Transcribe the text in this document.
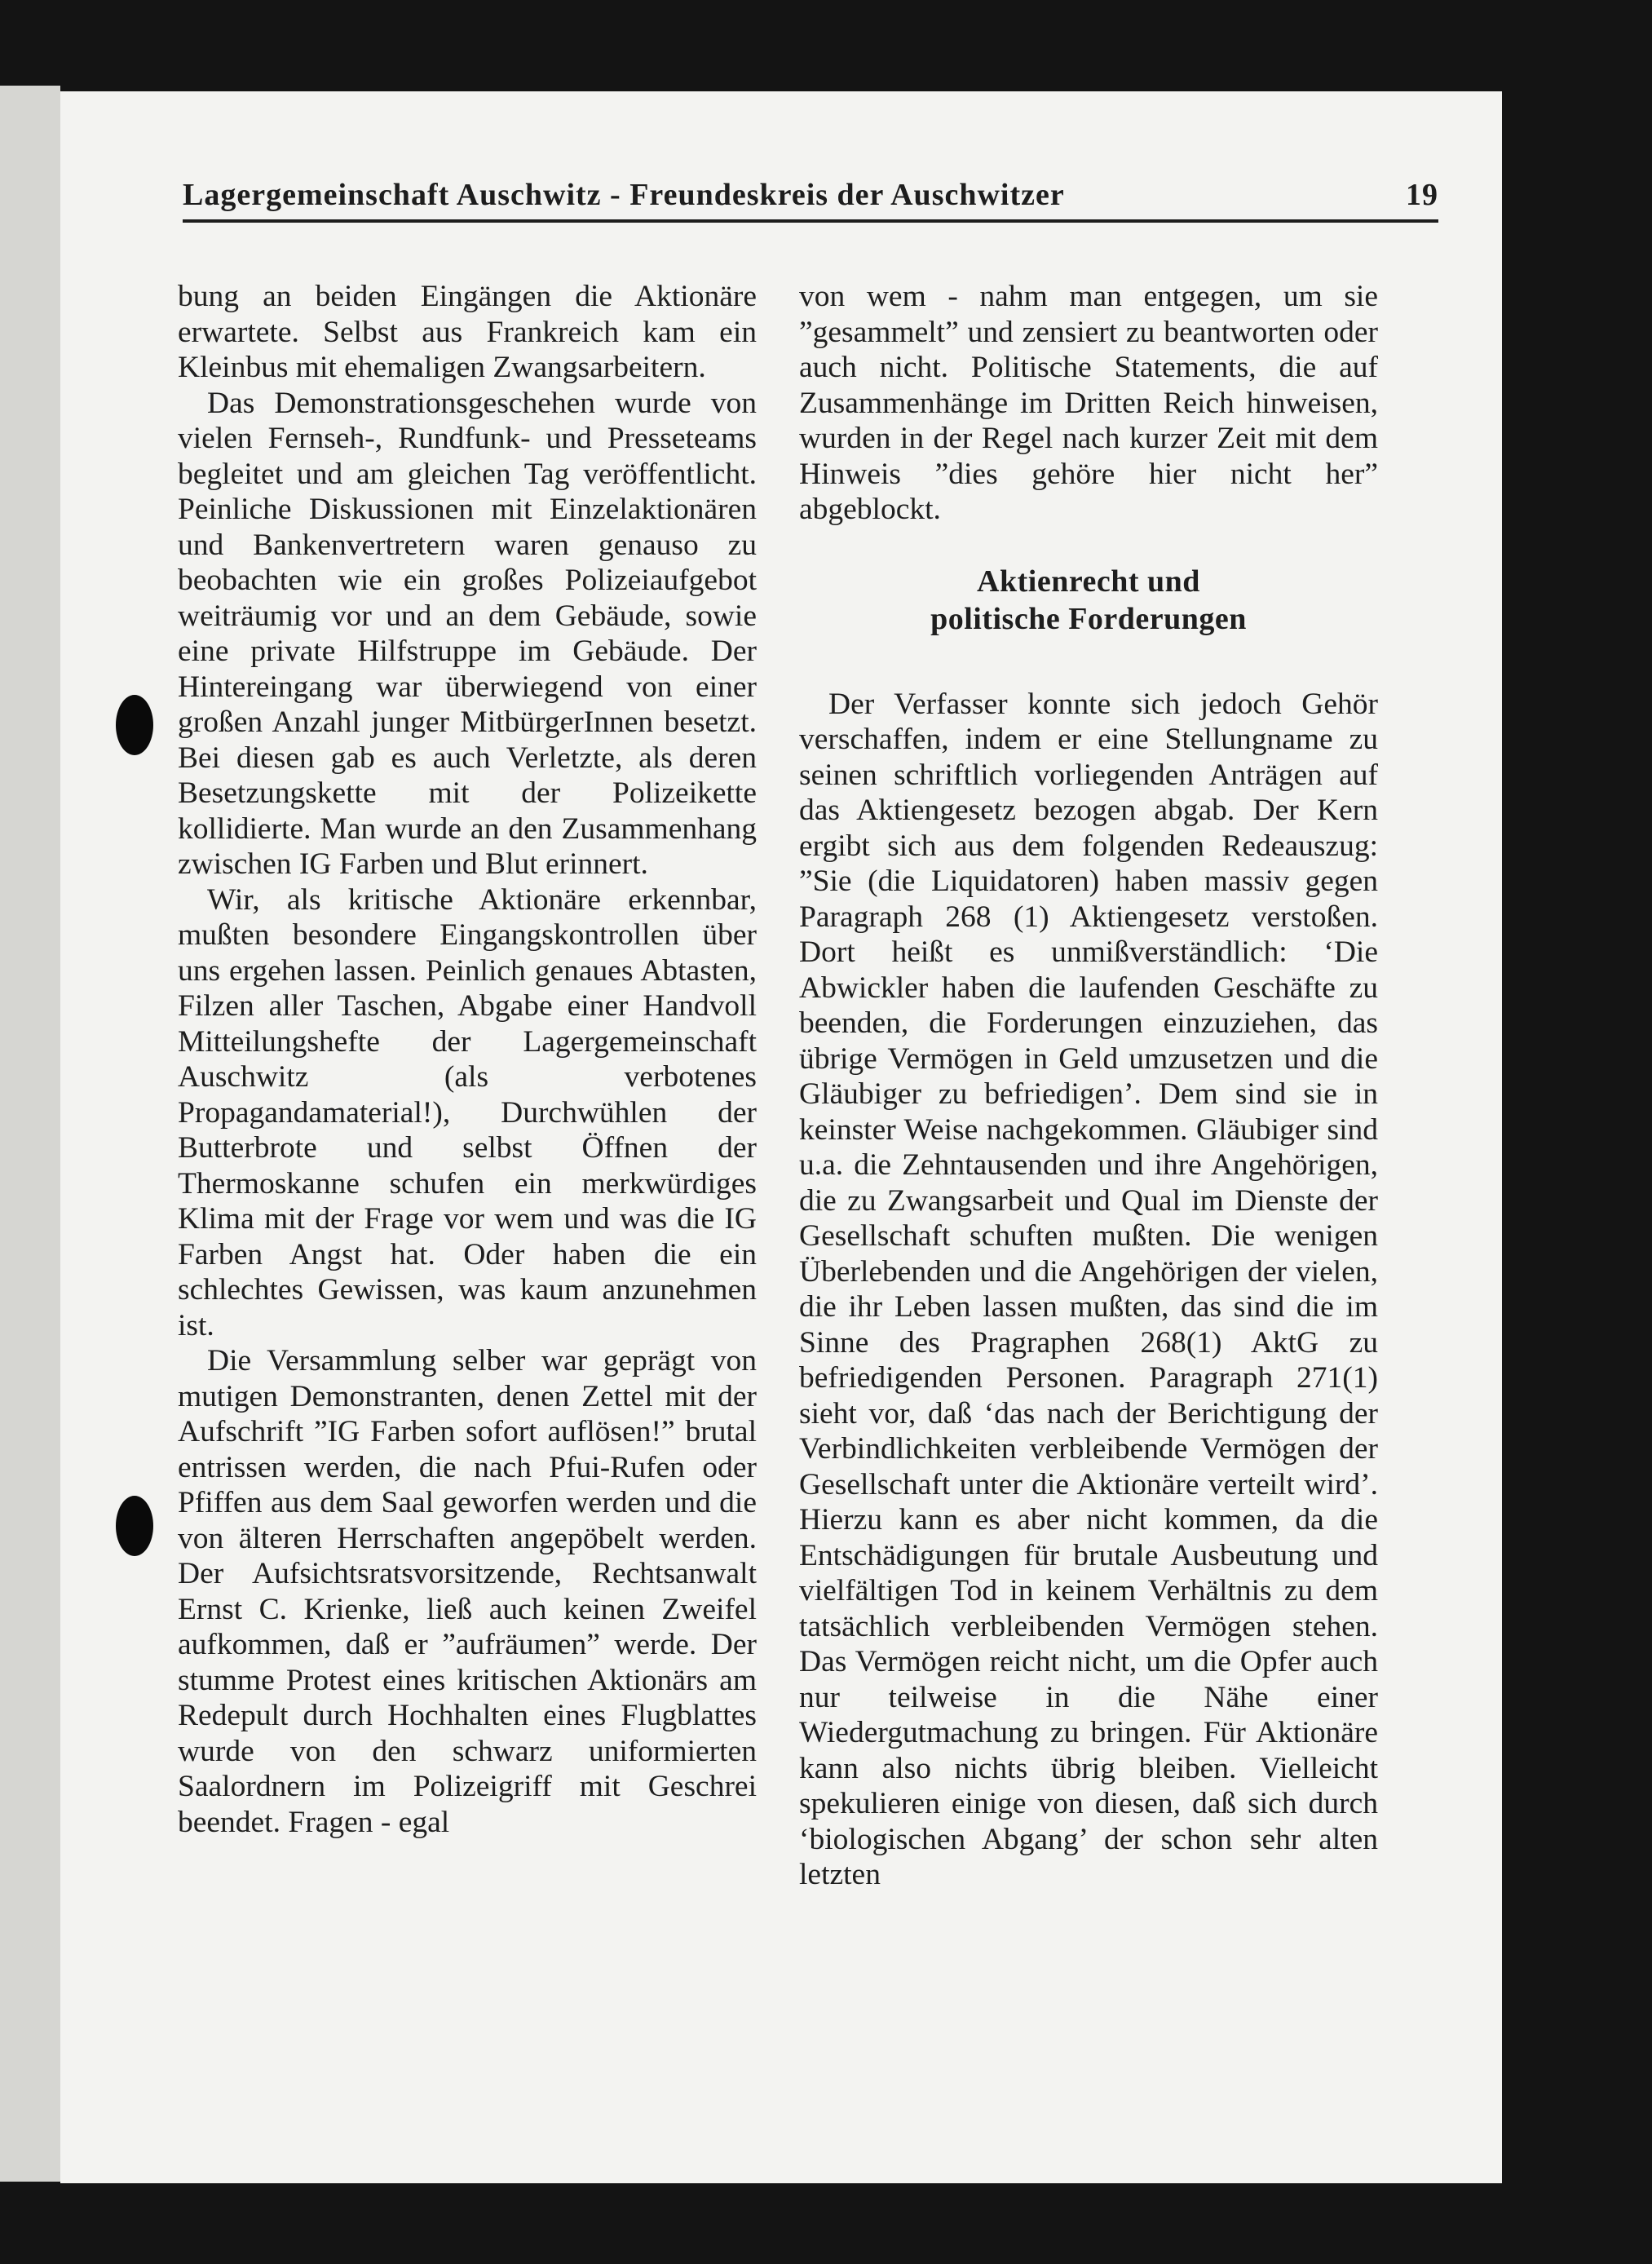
Lagergemeinschaft Auschwitz - Freundeskreis der Auschwitzer	19

bung an beiden Eingängen die Aktionäre erwartete. Selbst aus Frankreich kam ein Kleinbus mit ehemaligen Zwangsarbeitern.

Das Demonstrationsgeschehen wurde von vielen Fernseh-, Rundfunk- und Presseteams begleitet und am gleichen Tag veröffentlicht. Peinliche Diskussionen mit Einzelaktionären und Bankenvertretern waren genauso zu beobachten wie ein großes Polizeiaufgebot weiträumig vor und an dem Gebäude, sowie eine private Hilfstruppe im Gebäude. Der Hintereingang war überwiegend von einer großen Anzahl junger MitbürgerInnen besetzt. Bei diesen gab es auch Verletzte, als deren Besetzungskette mit der Polizeikette kollidierte. Man wurde an den Zusammenhang zwischen IG Farben und Blut erinnert.

Wir, als kritische Aktionäre erkennbar, mußten besondere Eingangskontrollen über uns ergehen lassen. Peinlich genaues Abtasten, Filzen aller Taschen, Abgabe einer Handvoll Mitteilungshefte der Lagergemeinschaft Auschwitz (als verbotenes Propagandamaterial!), Durchwühlen der Butterbrote und selbst Öffnen der Thermoskanne schufen ein merkwürdiges Klima mit der Frage vor wem und was die IG Farben Angst hat. Oder haben die ein schlechtes Gewissen, was kaum anzunehmen ist.

Die Versammlung selber war geprägt von mutigen Demonstranten, denen Zettel mit der Aufschrift ”IG Farben sofort auflösen!” brutal entrissen werden, die nach Pfui-Rufen oder Pfiffen aus dem Saal geworfen werden und die von älteren Herrschaften angepöbelt werden. Der Aufsichtsratsvorsitzende, Rechtsanwalt Ernst C. Krienke, ließ auch keinen Zweifel aufkommen, daß er ”aufräumen” werde. Der stumme Protest eines kritischen Aktionärs am Redepult durch Hochhalten eines Flugblattes wurde von den schwarz uniformierten Saalordnern im Polizeigriff mit Geschrei beendet. Fragen - egal

von wem - nahm man entgegen, um sie ”gesammelt” und zensiert zu beantworten oder auch nicht. Politische Statements, die auf Zusammenhänge im Dritten Reich hinweisen, wurden in der Regel nach kurzer Zeit mit dem Hinweis ”dies gehöre hier nicht her” abgeblockt.

Aktienrecht und
politische Forderungen

Der Verfasser konnte sich jedoch Gehör verschaffen, indem er eine Stellungname zu seinen schriftlich vorliegenden Anträgen auf das Aktiengesetz bezogen abgab. Der Kern ergibt sich aus dem folgenden Redeauszug: ”Sie (die Liquidatoren) haben massiv gegen Paragraph 268 (1) Aktiengesetz verstoßen. Dort heißt es unmißverständlich: ‘Die Abwickler haben die laufenden Geschäfte zu beenden, die Forderungen einzuziehen, das übrige Vermögen in Geld umzusetzen und die Gläubiger zu befriedigen’. Dem sind sie in keinster Weise nachgekommen. Gläubiger sind u.a. die Zehntausenden und ihre Angehörigen, die zu Zwangsarbeit und Qual im Dienste der Gesellschaft schuften mußten. Die wenigen Überlebenden und die Angehörigen der vielen, die ihr Leben lassen mußten, das sind die im Sinne des Pragraphen 268(1) AktG zu befriedigenden Personen. Paragraph 271(1) sieht vor, daß ‘das nach der Berichtigung der Verbindlichkeiten verbleibende Vermögen der Gesellschaft unter die Aktionäre verteilt wird’. Hierzu kann es aber nicht kommen, da die Entschädigungen für brutale Ausbeutung und vielfältigen Tod in keinem Verhältnis zu dem tatsächlich verbleibenden Vermögen stehen. Das Vermögen reicht nicht, um die Opfer auch nur teilweise in die Nähe einer Wiedergutmachung zu bringen. Für Aktionäre kann also nichts übrig bleiben. Vielleicht spekulieren einige von diesen, daß sich durch ‘biologischen Abgang’ der schon sehr alten letzten
